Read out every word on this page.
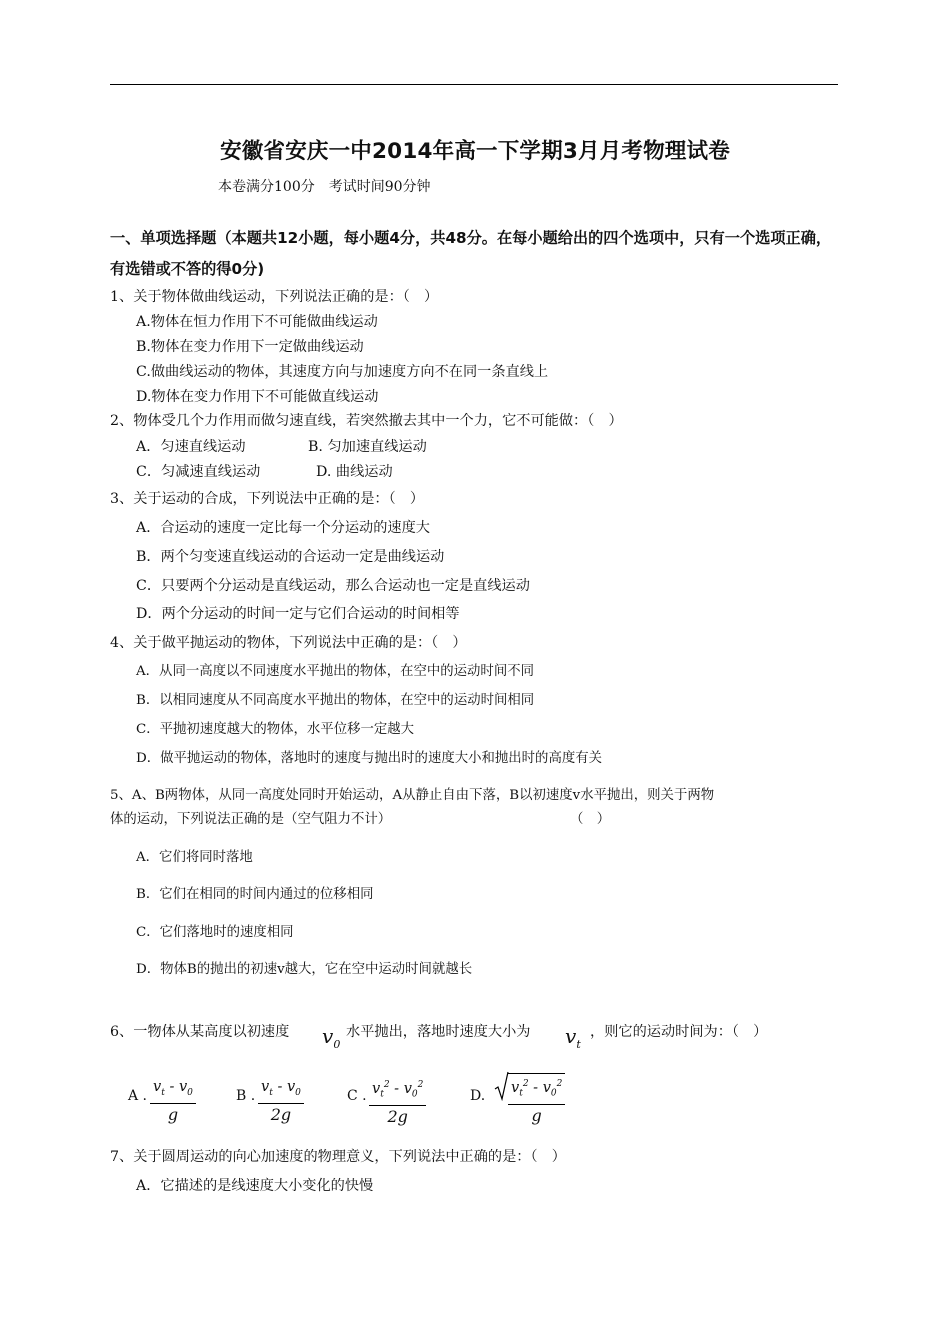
安徽省安庆一中2014年高一下学期3月月考物理试卷
本卷满分100分　考试时间90分钟
一、单项选择题（本题共12小题，每小题4分，共48分。在每小题给出的四个选项中，只有一个选项正确，有选错或不答的得0分)
1、关于物体做曲线运动，下列说法正确的是：（　）
A.物体在恒力作用下不可能做曲线运动
B.物体在变力作用下一定做曲线运动
C.做曲线运动的物体，其速度方向与加速度方向不在同一条直线上
D.物体在变力作用下不可能做直线运动
2、物体受几个力作用而做匀速直线，若突然撤去其中一个力，它不可能做：（　）
A．匀速直线运动	B. 匀加速直线运动
C．匀减速直线运动	D. 曲线运动
3、关于运动的合成，下列说法中正确的是：（　）
A．合运动的速度一定比每一个分运动的速度大
B．两个匀变速直线运动的合运动一定是曲线运动
C．只要两个分运动是直线运动，那么合运动也一定是直线运动
D．两个分运动的时间一定与它们合运动的时间相等
4、关于做平抛运动的物体，下列说法中正确的是：（　）
A．从同一高度以不同速度水平抛出的物体，在空中的运动时间不同
B．以相同速度从不同高度水平抛出的物体，在空中的运动时间相同
C．平抛初速度越大的物体，水平位移一定越大
D．做平抛运动的物体，落地时的速度与抛出时的速度大小和抛出时的高度有关
5、A、B两物体，从同一高度处同时开始运动，A从静止自由下落，B以初速度v水平抛出，则关于两物
体的运动，下列说法正确的是（空气阻力不计）	（　）
A．它们将同时落地
B．它们在相同的时间内通过的位移相同
C．它们落地时的速度相同
D．物体B的抛出的初速v越大，它在空中运动时间就越长
6、一物体从某高度以初速度 $v_0$
水平抛出，落地时速度大小为 $v_t$
，则它的运动时间为：（　）
A . $\frac{v_t - v_0}{g}$	B . $\frac{v_t - v_0}{2g}$	C . $\frac{v_t^2 - v_0^2}{2g}$	D. $\frac{v_t^2 - v_0^2}{g}$
7、关于圆周运动的向心加速度的物理意义，下列说法中正确的是：（　）
A．它描述的是线速度大小变化的快慢
